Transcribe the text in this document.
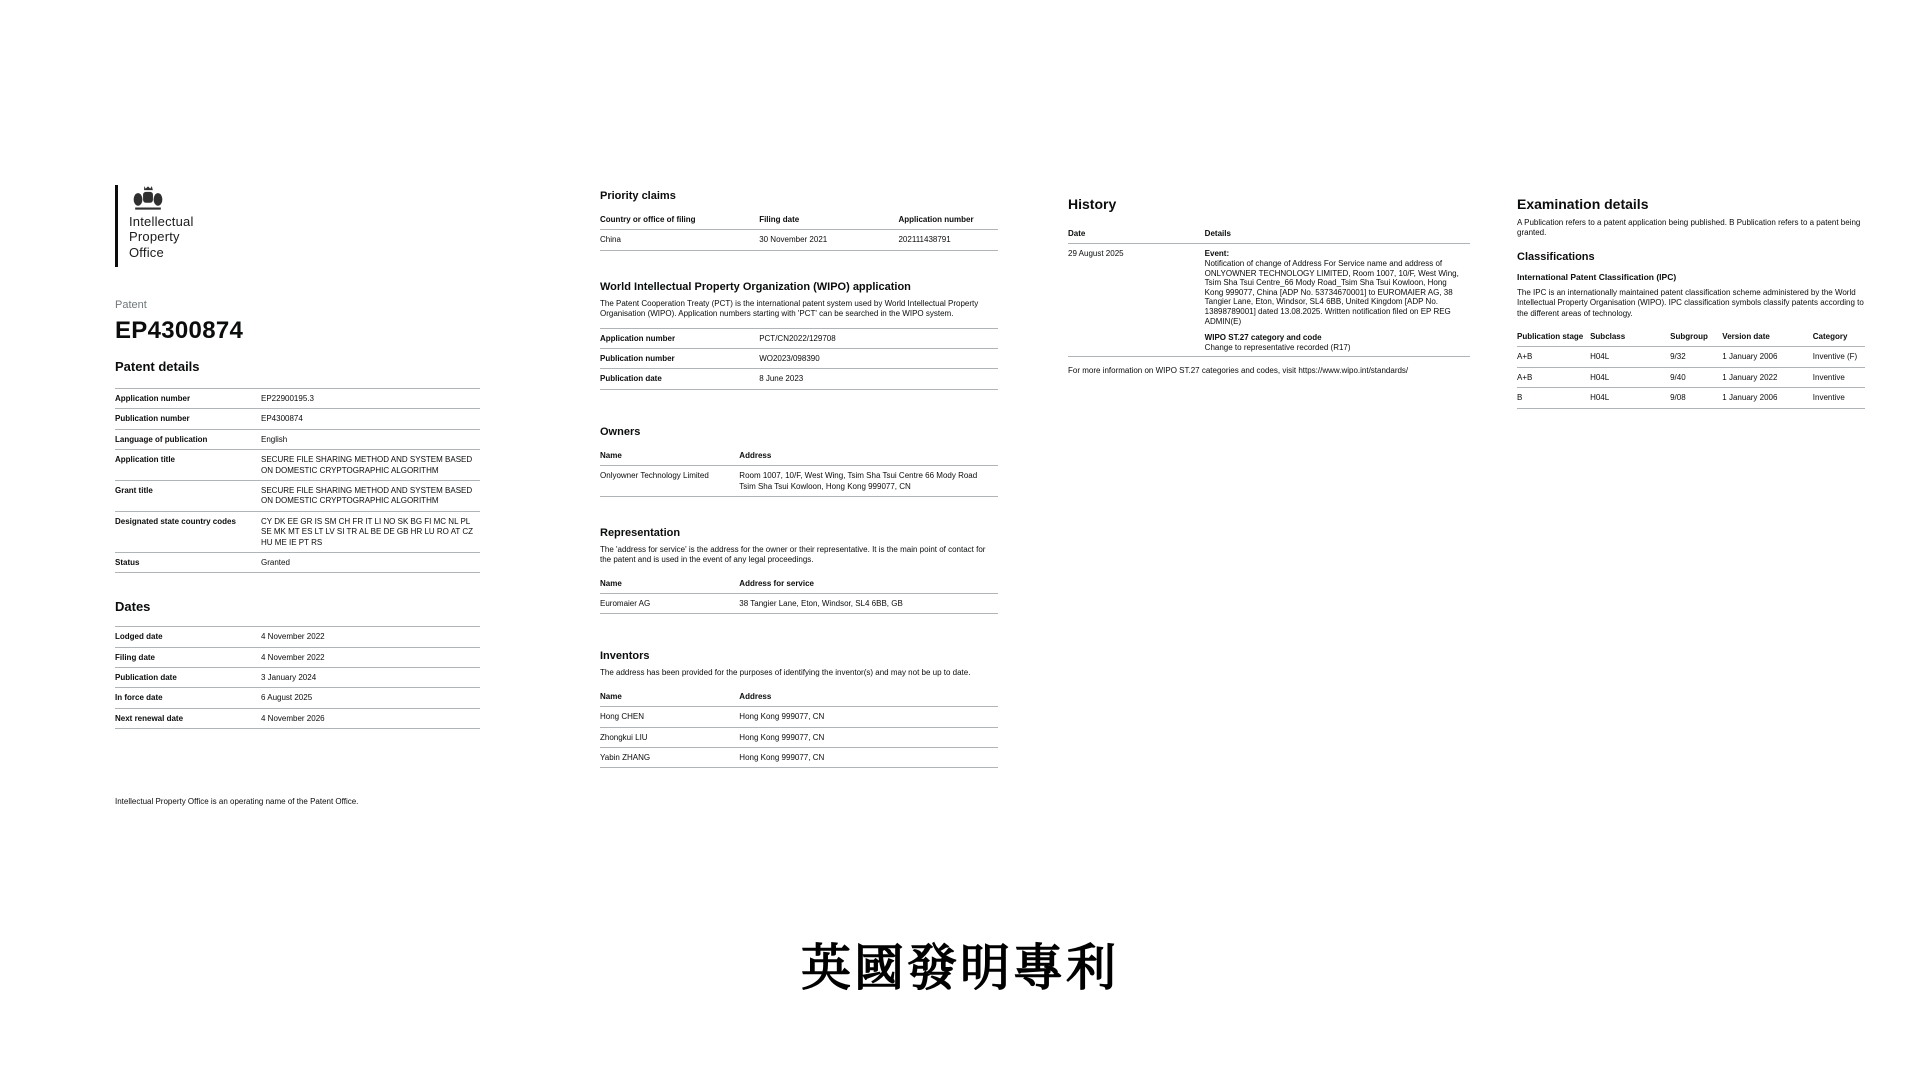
Intellectual
Property
Office
Patent
EP4300874
Patent details
Application number	EP22900195.3
Publication number	EP4300874
Language of publication	English
Application title	SECURE FILE SHARING METHOD AND SYSTEM BASED ON DOMESTIC CRYPTOGRAPHIC ALGORITHM
Grant title	SECURE FILE SHARING METHOD AND SYSTEM BASED ON DOMESTIC CRYPTOGRAPHIC ALGORITHM
Designated state country codes	CY DK EE GR IS SM CH FR IT LI NO SK BG FI MC NL PL SE MK MT ES LT LV SI TR AL BE DE GB HR LU RO AT CZ HU ME IE PT RS
Status	Granted
Dates
Lodged date	4 November 2022
Filing date	4 November 2022
Publication date	3 January 2024
In force date	6 August 2025
Next renewal date	4 November 2026
Intellectual Property Office is an operating name of the Patent Office.
Priority claims
Country or office of filing	Filing date	Application number
China	30 November 2021	202111438791
World Intellectual Property Organization (WIPO) application

The Patent Cooperation Treaty (PCT) is the international patent system used by World Intellectual Property Organisation (WIPO). Application numbers starting with 'PCT' can be searched in the WIPO system.

Application number	PCT/CN2022/129708
Publication number	WO2023/098390
Publication date	8 June 2023
Owners
Name	Address
Onlyowner Technology Limited	Room 1007, 10/F, West Wing, Tsim Sha Tsui Centre 66 Mody Road Tsim Sha Tsui Kowloon, Hong Kong 999077, CN
Representation

The 'address for service' is the address for the owner or their representative. It is the main point of contact for the patent and is used in the event of any legal proceedings.

Name	Address for service
Euromaier AG	38 Tangier Lane, Eton, Windsor, SL4 6BB, GB
Inventors

The address has been provided for the purposes of identifying the inventor(s) and may not be up to date.

Name	Address
Hong CHEN	Hong Kong 999077, CN
Zhongkui LIU	Hong Kong 999077, CN
Yabin ZHANG	Hong Kong 999077, CN
History
Date	Details
29 August 2025	Event:
Notification of change of Address For Service name and address of ONLYOWNER TECHNOLOGY LIMITED, Room 1007, 10/F, West Wing, Tsim Sha Tsui Centre_66 Mody Road_Tsim Sha Tsui Kowloon, Hong Kong 999077, China [ADP No. 53734670001] to EUROMAIER AG, 38 Tangier Lane, Eton, Windsor, SL4 6BB, United Kingdom [ADP No. 13898789001] dated 13.08.2025. Written notification filed on EP REG ADMIN(E)
WIPO ST.27 category and code
Change to representative recorded (R17)
For more information on WIPO ST.27 categories and codes, visit https://www.wipo.int/standards/
Examination details

A Publication refers to a patent application being published. B Publication refers to a patent being granted.

Classifications
International Patent Classification (IPC)

The IPC is an internationally maintained patent classification scheme administered by the World Intellectual Property Organisation (WIPO). IPC classification symbols classify patents according to the different areas of technology.

Publication stage	Subclass	Subgroup	Version date	Category
A+B	H04L	9/32	1 January 2006	Inventive (F)
A+B	H04L	9/40	1 January 2022	Inventive
B	H04L	9/08	1 January 2006	Inventive
英國發明專利
